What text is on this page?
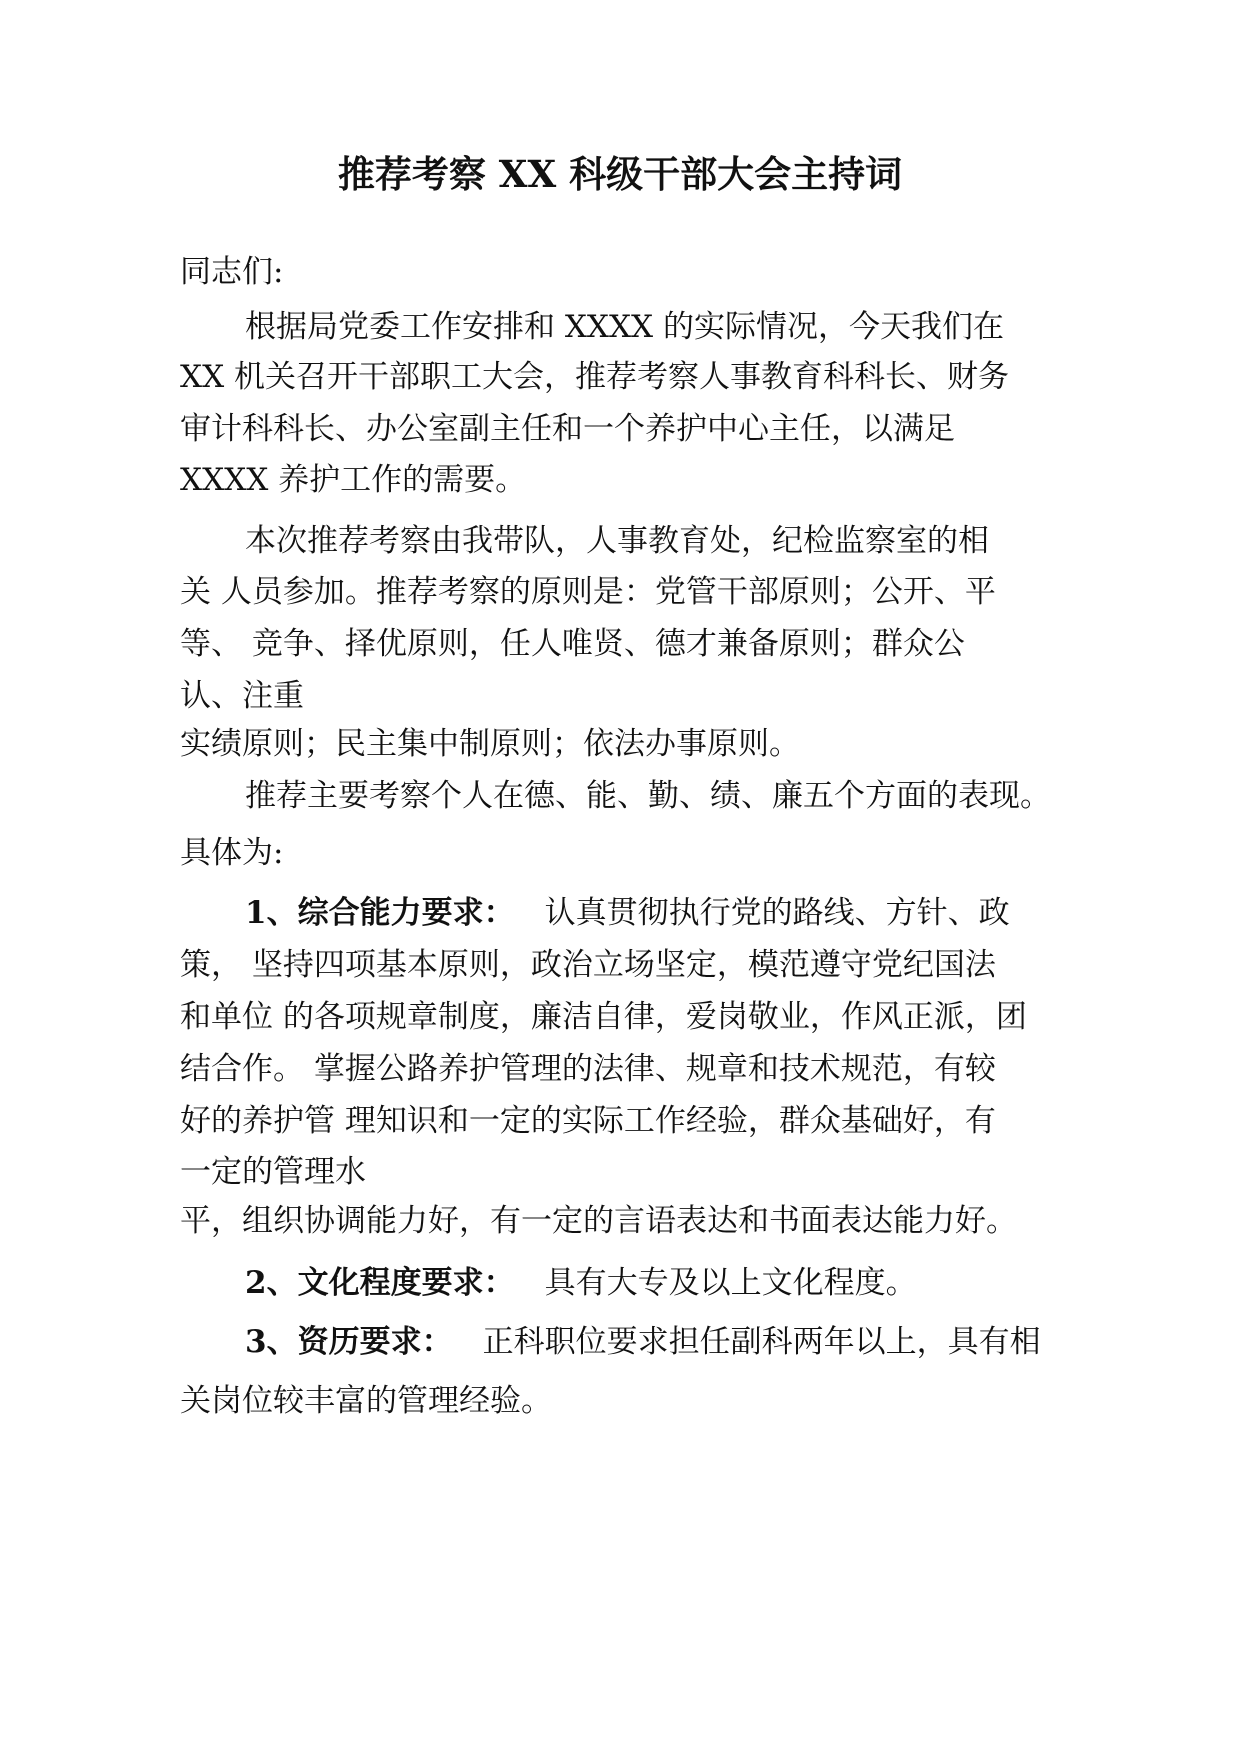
推荐考察 XX 科级干部大会主持词
同志们:
根据局党委工作安排和 XXXX 的实际情况，今天我们在
XX 机关召开干部职工大会，推荐考察人事教育科科长、财务
审计科科长、办公室副主任和一个养护中心主任，以满足
XXXX 养护工作的需要。
本次推荐考察由我带队，人事教育处，纪检监察室的相
关 人员参加。推荐考察的原则是：党管干部原则；公开、平
等、 竞争、择优原则，任人唯贤、德才兼备原则；群众公
认、注重
实绩原则；民主集中制原则；依法办事原则。
推荐主要考察个人在德、能、勤、绩、廉五个方面的表现。
具体为:
1、综合能力要求： 认真贯彻执行党的路线、方针、政
策， 坚持四项基本原则，政治立场坚定，模范遵守党纪国法
和单位 的各项规章制度，廉洁自律，爱岗敬业，作风正派，团
结合作。 掌握公路养护管理的法律、规章和技术规范，有较
好的养护管 理知识和一定的实际工作经验，群众基础好，有
一定的管理水
平，组织协调能力好，有一定的言语表达和书面表达能力好。
2、文化程度要求： 具有大专及以上文化程度。
3、资历要求： 正科职位要求担任副科两年以上，具有相
关岗位较丰富的管理经验。
